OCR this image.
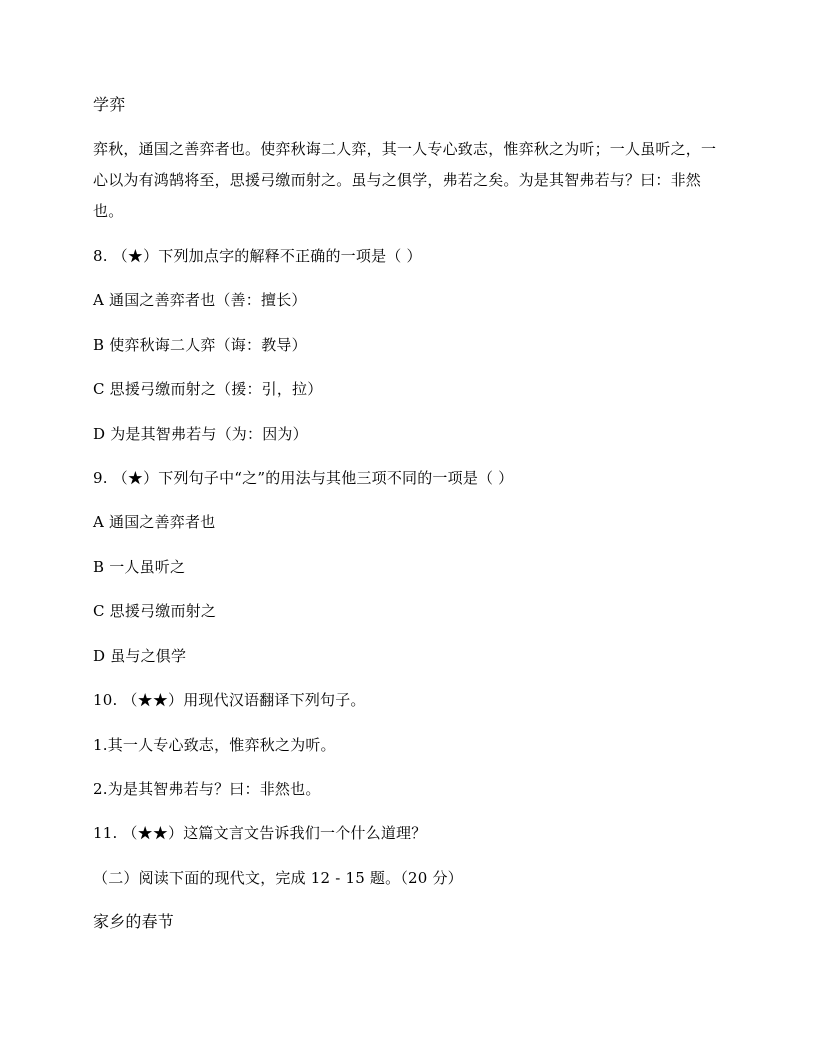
学弈
弈秋，通国之善弈者也。使弈秋诲二人弈，其一人专心致志，惟弈秋之为听；一人虽听之，一心以为有鸿鹄将至，思援弓缴而射之。虽与之俱学，弗若之矣。为是其智弗若与？曰：非然也。
8. （★）下列加点字的解释不正确的一项是（ ）
A 通国之善弈者也（善：擅长）
B 使弈秋诲二人弈（诲：教导）
C 思援弓缴而射之（援：引，拉）
D 为是其智弗若与（为：因为）
9. （★）下列句子中“之”的用法与其他三项不同的一项是（ ）
A 通国之善弈者也
B 一人虽听之
C 思援弓缴而射之
D 虽与之俱学
10. （★★）用现代汉语翻译下列句子。
1.其一人专心致志，惟弈秋之为听。
2.为是其智弗若与？曰：非然也。
11. （★★）这篇文言文告诉我们一个什么道理？
（二）阅读下面的现代文，完成 12 - 15 题。（20 分）
家乡的春节
